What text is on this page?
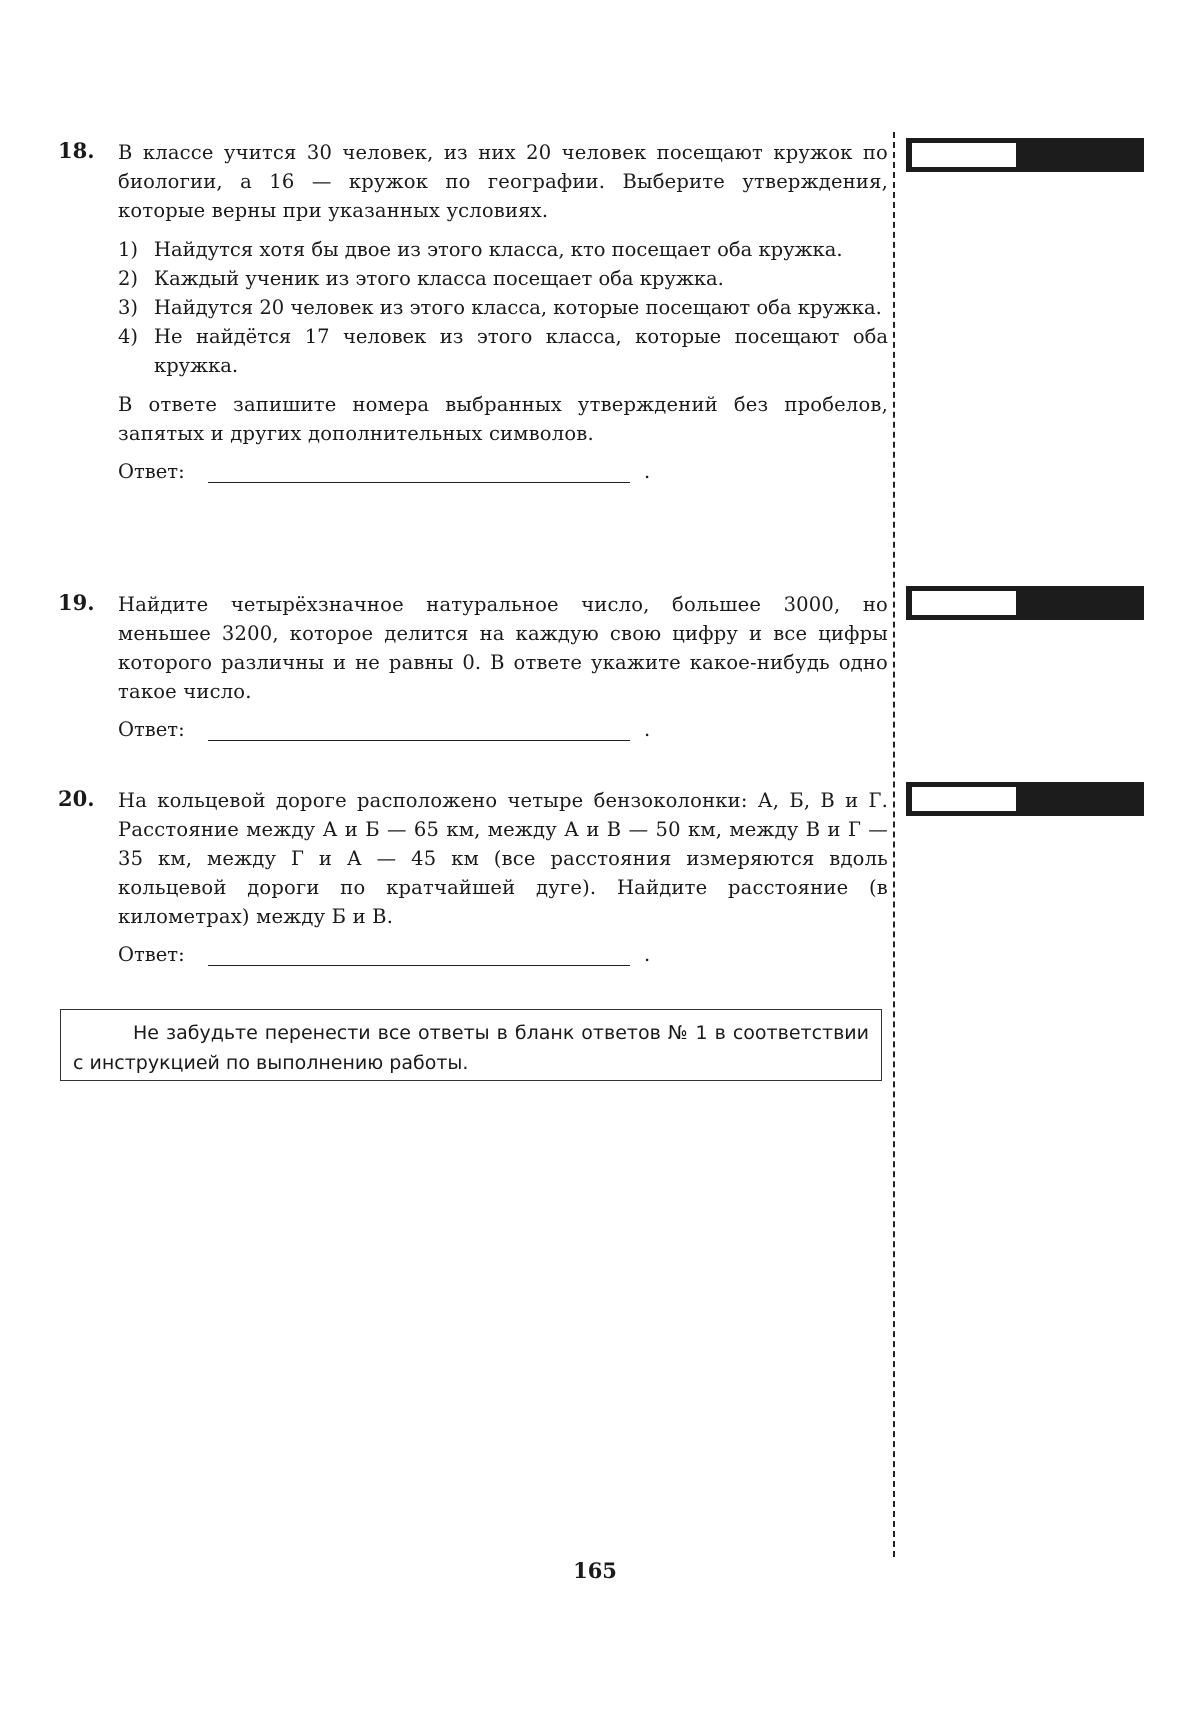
18. В классе учится 30 человек, из них 20 человек посещают кружок по биологии, а 16 — кружок по географии. Выберите утверждения, которые верны при указанных условиях.

1) Найдутся хотя бы двое из этого класса, кто посещает оба кружка.
2) Каждый ученик из этого класса посещает оба кружка.
3) Найдутся 20 человек из этого класса, которые посещают оба кружка.
4) Не найдётся 17 человек из этого класса, которые посещают оба кружка.

В ответе запишите номера выбранных утверждений без пробелов, запятых и других дополнительных символов.

Ответ:	.
19. Найдите четырёхзначное натуральное число, большее 3000, но меньшее 3200, которое делится на каждую свою цифру и все цифры которого различны и не равны 0. В ответе укажите какое-нибудь одно такое число.

Ответ:	.
20. На кольцевой дороге расположено четыре бензоколонки: А, Б, В и Г. Расстояние между А и Б — 65 км, между А и В — 50 км, между В и Г — 35 км, между Г и А — 45 км (все расстояния измеряются вдоль кольцевой дороги по кратчайшей дуге). Найдите расстояние (в километрах) между Б и В.

Ответ:	.
Не забудьте перенести все ответы в бланк ответов № 1 в соответствии с инструкцией по выполнению работы.
165
